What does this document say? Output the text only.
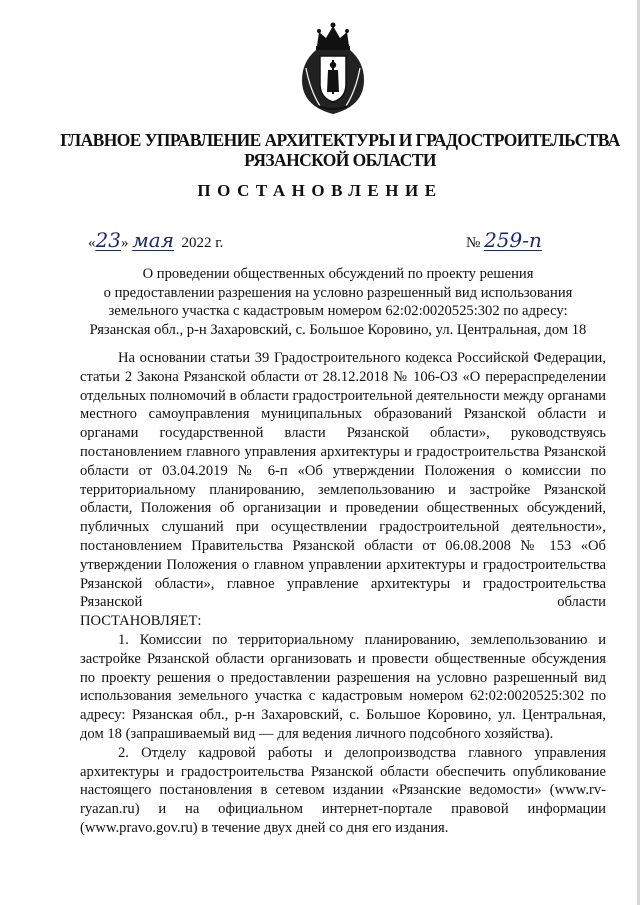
ГЛАВНОЕ УПРАВЛЕНИЕ АРХИТЕКТУРЫ И ГРАДОСТРОИТЕЛЬСТВА
РЯЗАНСКОЙ ОБЛАСТИ
ПОСТАНОВЛЕНИЕ
«23» мая 2022 г.	№ 259-п
О проведении общественных обсуждений по проекту решения
о предоставлении разрешения на условно разрешенный вид использования
земельного участка с кадастровым номером 62:02:0020525:302 по адресу:
Рязанская обл., р-н Захаровский, с. Большое Коровино, ул. Центральная, дом 18

На основании статьи 39 Градостроительного кодекса Российской Федерации, статьи 2 Закона Рязанской области от 28.12.2018 № 106-ОЗ «О перераспределении отдельных полномочий в области градостроительной деятельности между органами местного самоуправления муниципальных образований Рязанской области и органами государственной власти Рязанской области», руководствуясь постановлением главного управления архитектуры и градостроительства Рязанской области от 03.04.2019 № 6-п «Об утверждении Положения о комиссии по территориальному планированию, землепользованию и застройке Рязанской области, Положения об организации и проведении общественных обсуждений, публичных слушаний при осуществлении градостроительной деятельности», постановлением Правительства Рязанской области от 06.08.2008 № 153 «Об утверждении Положения о главном управлении архитектуры и градостроительства Рязанской области», главное управление архитектуры и градостроительства Рязанской области

ПОСТАНОВЛЯЕТ:

1. Комиссии по территориальному планированию, землепользованию и застройке Рязанской области организовать и провести общественные обсуждения по проекту решения о предоставлении разрешения на условно разрешенный вид использования земельного участка с кадастровым номером 62:02:0020525:302 по адресу: Рязанская обл., р-н Захаровский, с. Большое Коровино, ул. Центральная, дом 18 (запрашиваемый вид — для ведения личного подсобного хозяйства).

2. Отделу кадровой работы и делопроизводства главного управления архитектуры и градостроительства Рязанской области обеспечить опубликование настоящего постановления в сетевом издании «Рязанские ведомости» (www.rv-ryazan.ru) и на официальном интернет-портале правовой информации (www.pravo.gov.ru) в течение двух дней со дня его издания.
